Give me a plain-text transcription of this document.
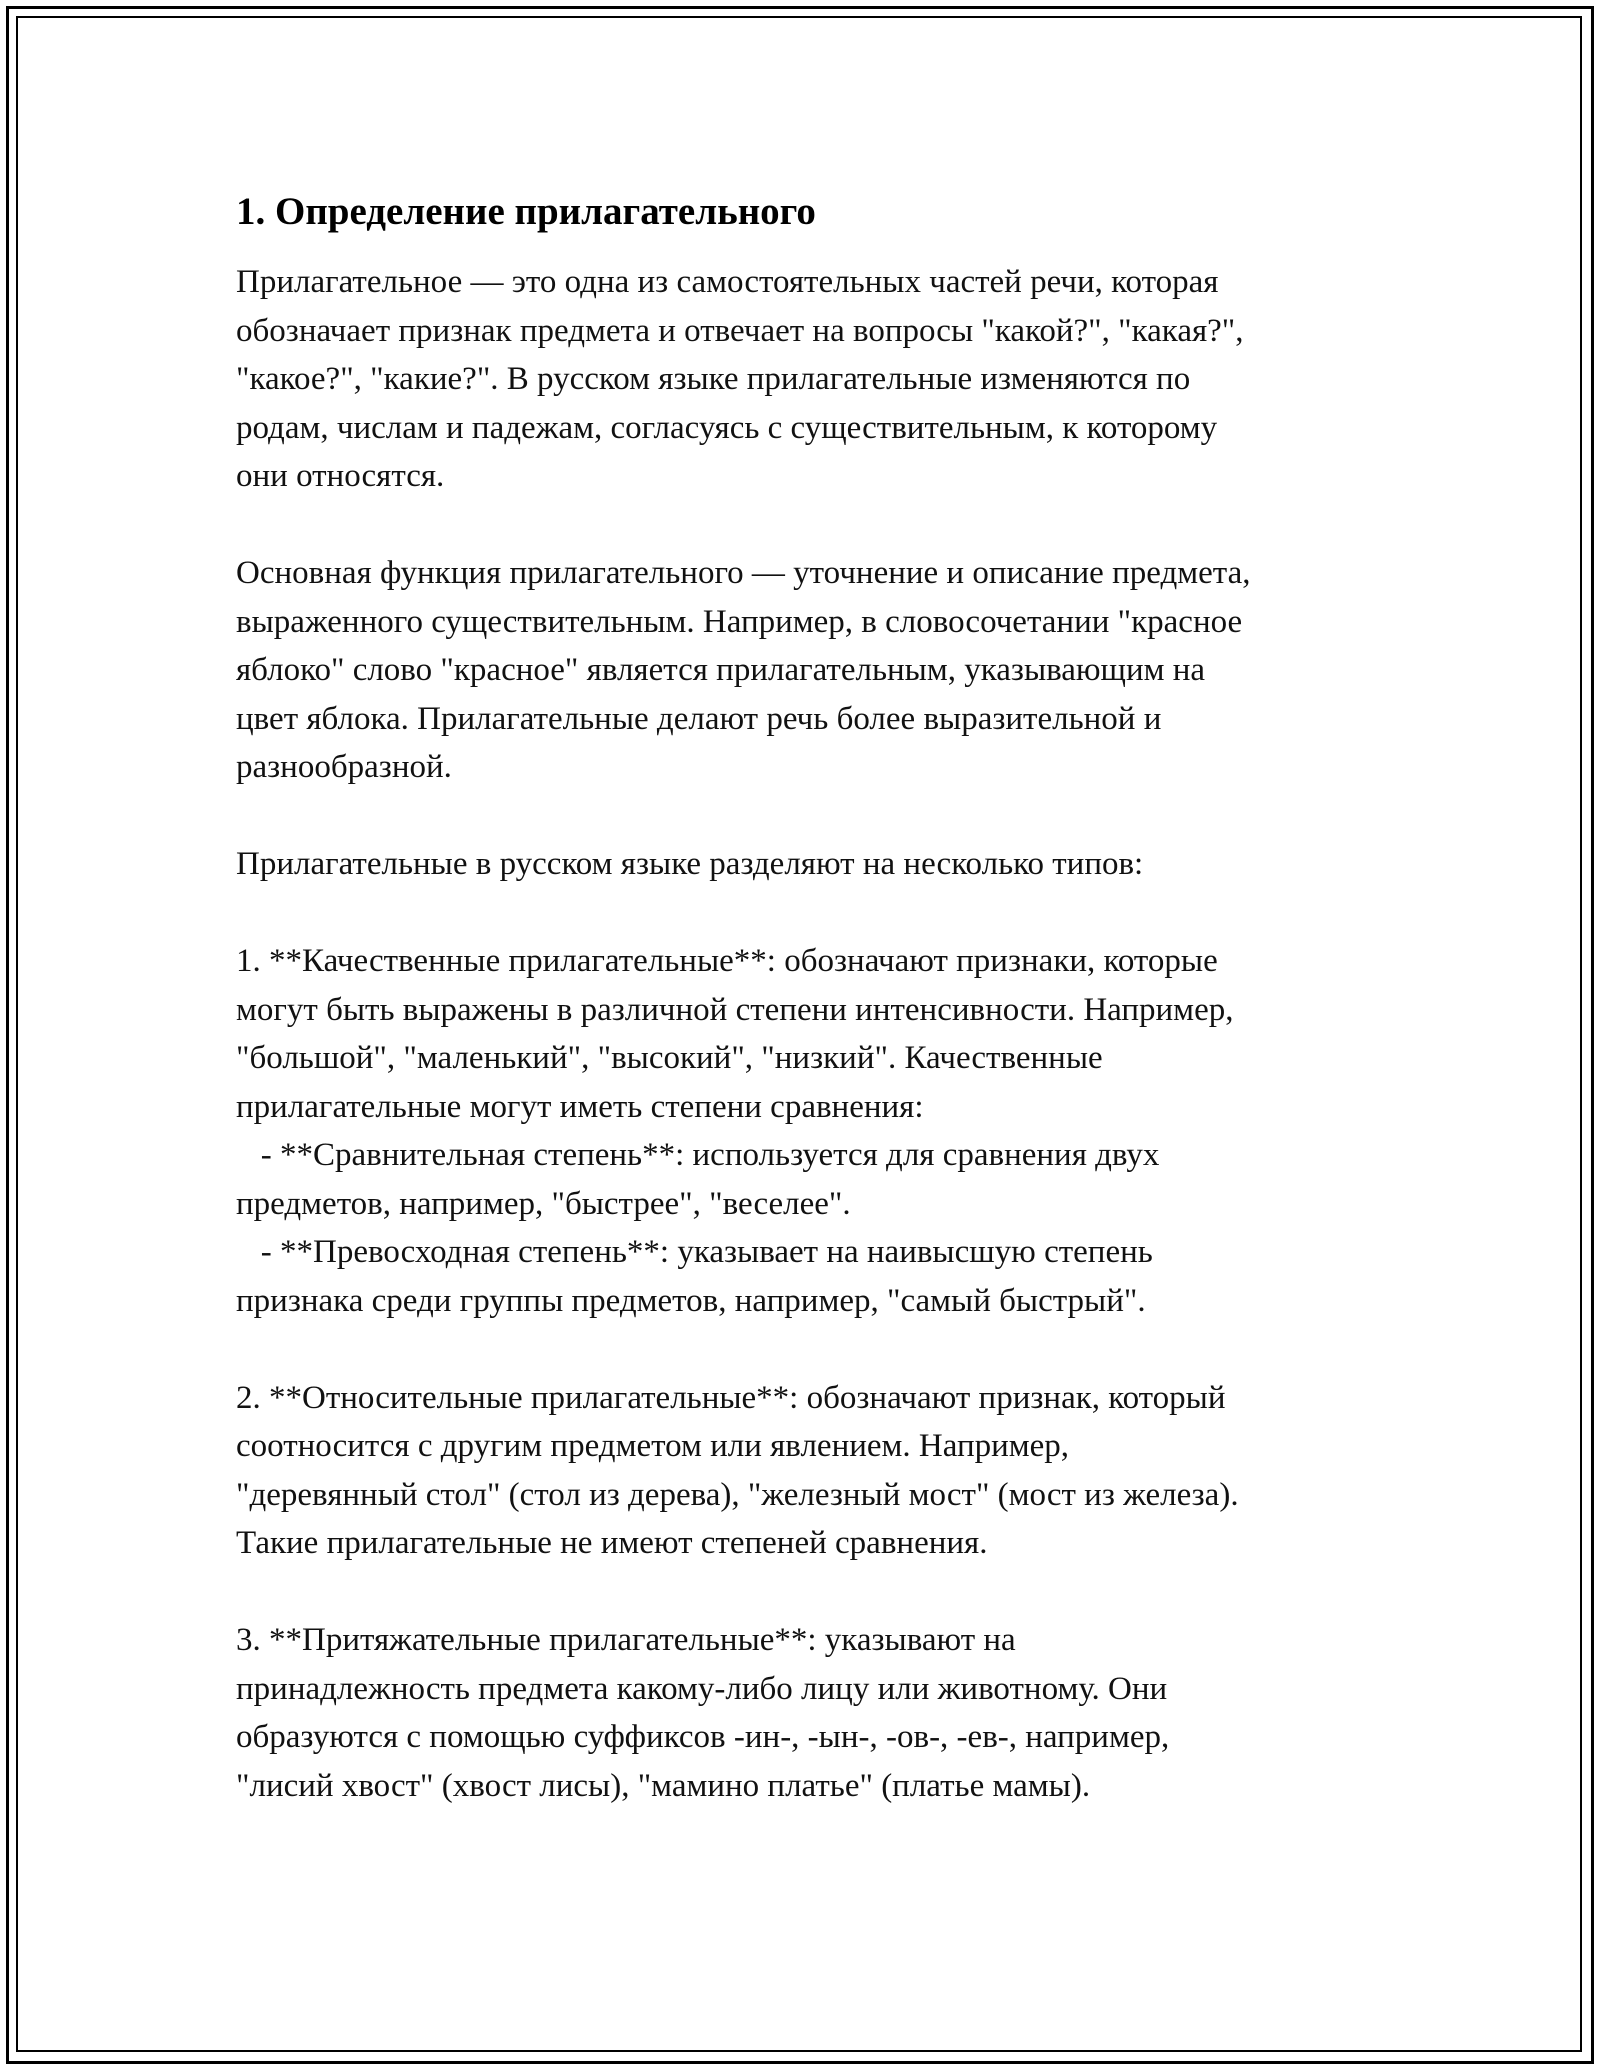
1. Определение прилагательного

Прилагательное — это одна из самостоятельных частей речи, которая
обозначает признак предмета и отвечает на вопросы "какой?", "какая?",
"какое?", "какие?". В русском языке прилагательные изменяются по
родам, числам и падежам, согласуясь с существительным, к которому
они относятся.

Основная функция прилагательного — уточнение и описание предмета,
выраженного существительным. Например, в словосочетании "красное
яблоко" слово "красное" является прилагательным, указывающим на
цвет яблока. Прилагательные делают речь более выразительной и
разнообразной.

Прилагательные в русском языке разделяют на несколько типов:

1. **Качественные прилагательные**: обозначают признаки, которые
могут быть выражены в различной степени интенсивности. Например,
"большой", "маленький", "высокий", "низкий". Качественные
прилагательные могут иметь степени сравнения:
- **Сравнительная степень**: используется для сравнения двух
предметов, например, "быстрее", "веселее".
- **Превосходная степень**: указывает на наивысшую степень
признака среди группы предметов, например, "самый быстрый".

2. **Относительные прилагательные**: обозначают признак, который
соотносится с другим предметом или явлением. Например,
"деревянный стол" (стол из дерева), "железный мост" (мост из железа).
Такие прилагательные не имеют степеней сравнения.

3. **Притяжательные прилагательные**: указывают на
принадлежность предмета какому-либо лицу или животному. Они
образуются с помощью суффиксов -ин-, -ын-, -ов-, -ев-, например,
"лисий хвост" (хвост лисы), "мамино платье" (платье мамы).
